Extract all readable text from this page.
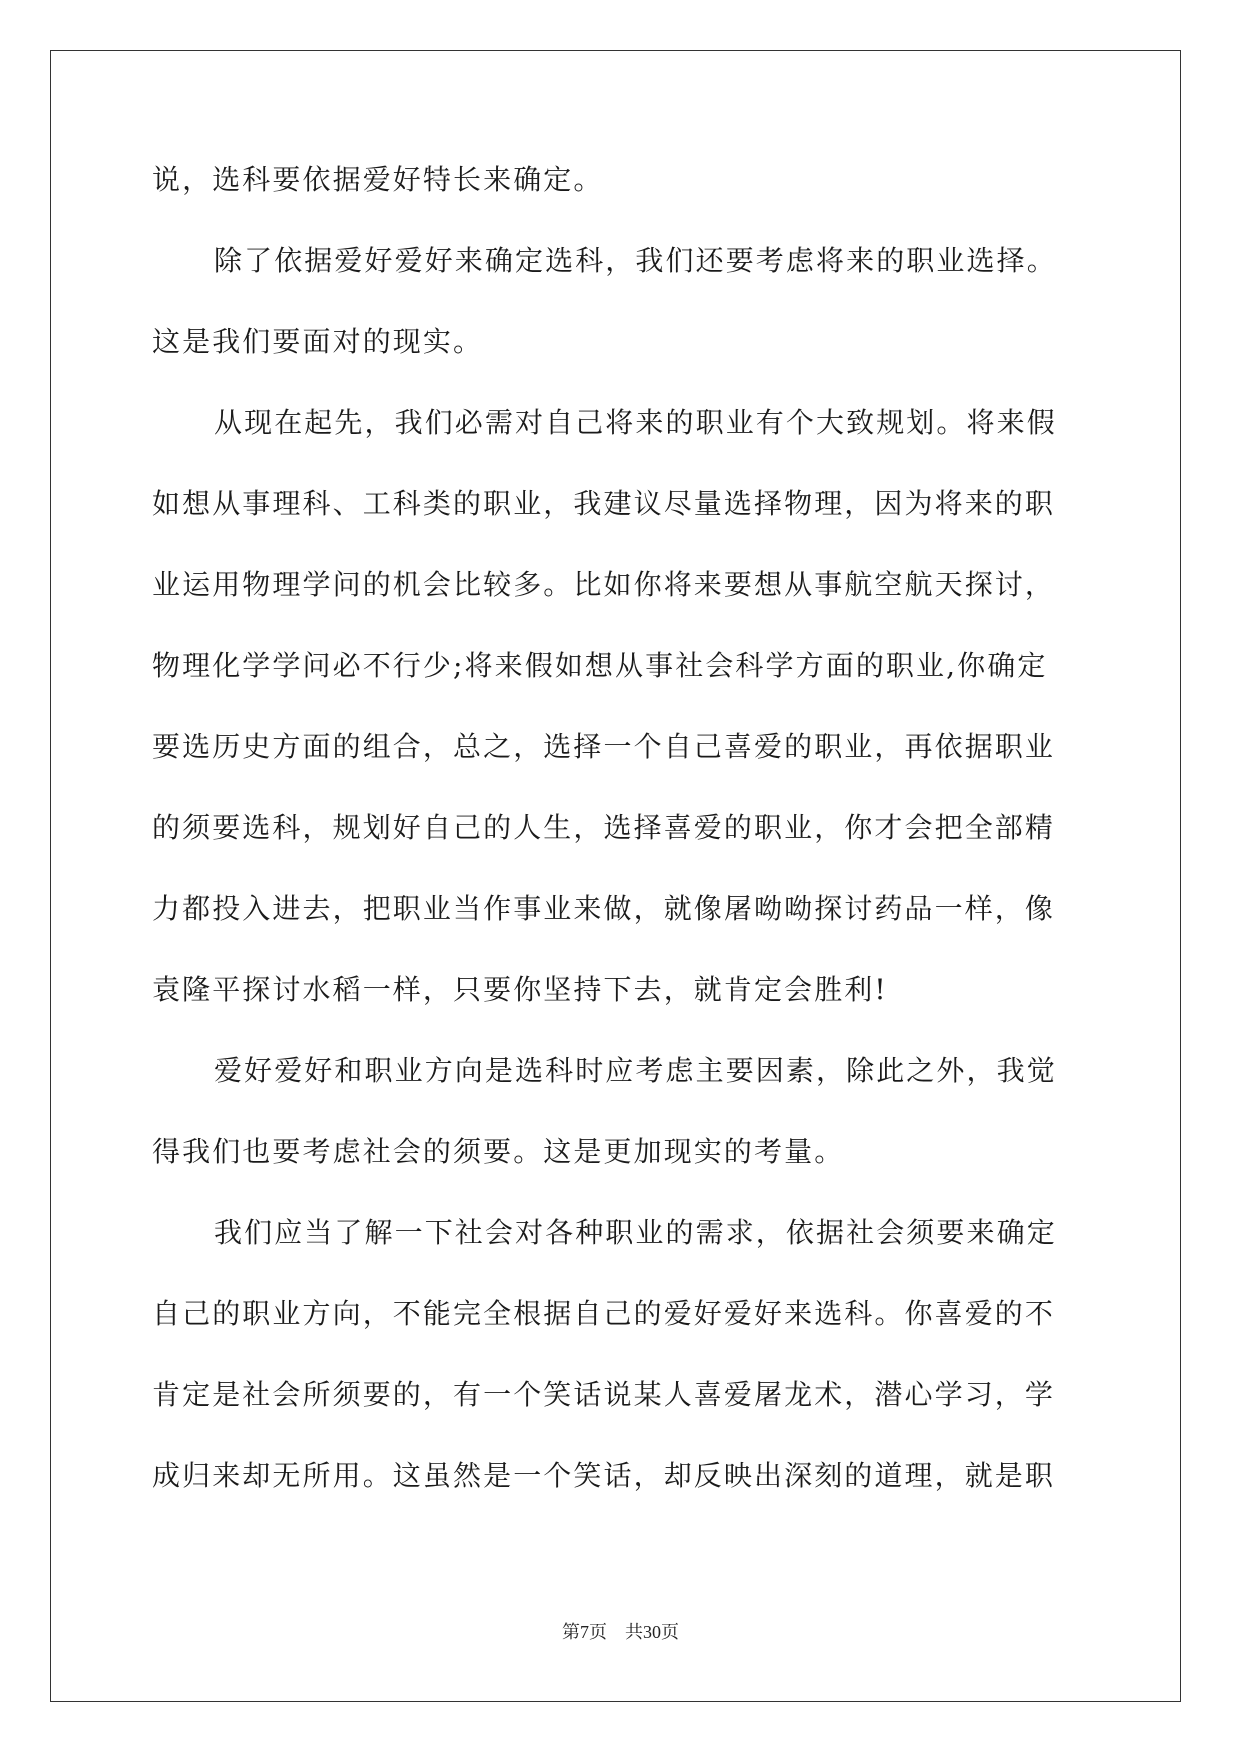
说，选科要依据爱好特长来确定。
除了依据爱好爱好来确定选科，我们还要考虑将来的职业选择。
这是我们要面对的现实。
从现在起先，我们必需对自己将来的职业有个大致规划。将来假
如想从事理科、工科类的职业，我建议尽量选择物理，因为将来的职
业运用物理学问的机会比较多。比如你将来要想从事航空航天探讨，
物理化学学问必不行少;将来假如想从事社会科学方面的职业,你确定
要选历史方面的组合，总之，选择一个自己喜爱的职业，再依据职业
的须要选科，规划好自己的人生，选择喜爱的职业，你才会把全部精
力都投入进去，把职业当作事业来做，就像屠呦呦探讨药品一样，像
袁隆平探讨水稻一样，只要你坚持下去，就肯定会胜利!
爱好爱好和职业方向是选科时应考虑主要因素，除此之外，我觉
得我们也要考虑社会的须要。这是更加现实的考量。
我们应当了解一下社会对各种职业的需求，依据社会须要来确定
自己的职业方向，不能完全根据自己的爱好爱好来选科。你喜爱的不
肯定是社会所须要的，有一个笑话说某人喜爱屠龙术，潜心学习，学
成归来却无所用。这虽然是一个笑话，却反映出深刻的道理，就是职
第7页　共30页
